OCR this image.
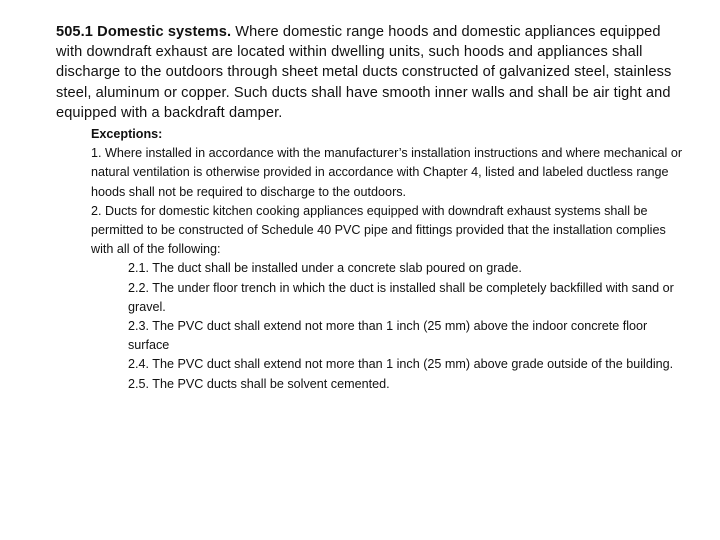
505.1 Domestic systems. Where domestic range hoods and domestic appliances equipped with downdraft exhaust are located within dwelling units, such hoods and appliances shall discharge to the outdoors through sheet metal ducts constructed of galvanized steel, stainless steel, aluminum or copper. Such ducts shall have smooth inner walls and shall be air tight and equipped with a backdraft damper.

Exceptions:

1. Where installed in accordance with the manufacturer’s installation instructions and where mechanical or natural ventilation is otherwise provided in accordance with Chapter 4, listed and labeled ductless range hoods shall not be required to discharge to the outdoors.

2. Ducts for domestic kitchen cooking appliances equipped with downdraft exhaust systems shall be permitted to be constructed of Schedule 40 PVC pipe and fittings provided that the installation complies with all of the following:

2.1. The duct shall be installed under a concrete slab poured on grade.

2.2. The under floor trench in which the duct is installed shall be completely backfilled with sand or gravel.

2.3. The PVC duct shall extend not more than 1 inch (25 mm) above the indoor concrete floor surface

2.4. The PVC duct shall extend not more than 1 inch (25 mm) above grade outside of the building.

2.5. The PVC ducts shall be solvent cemented.
